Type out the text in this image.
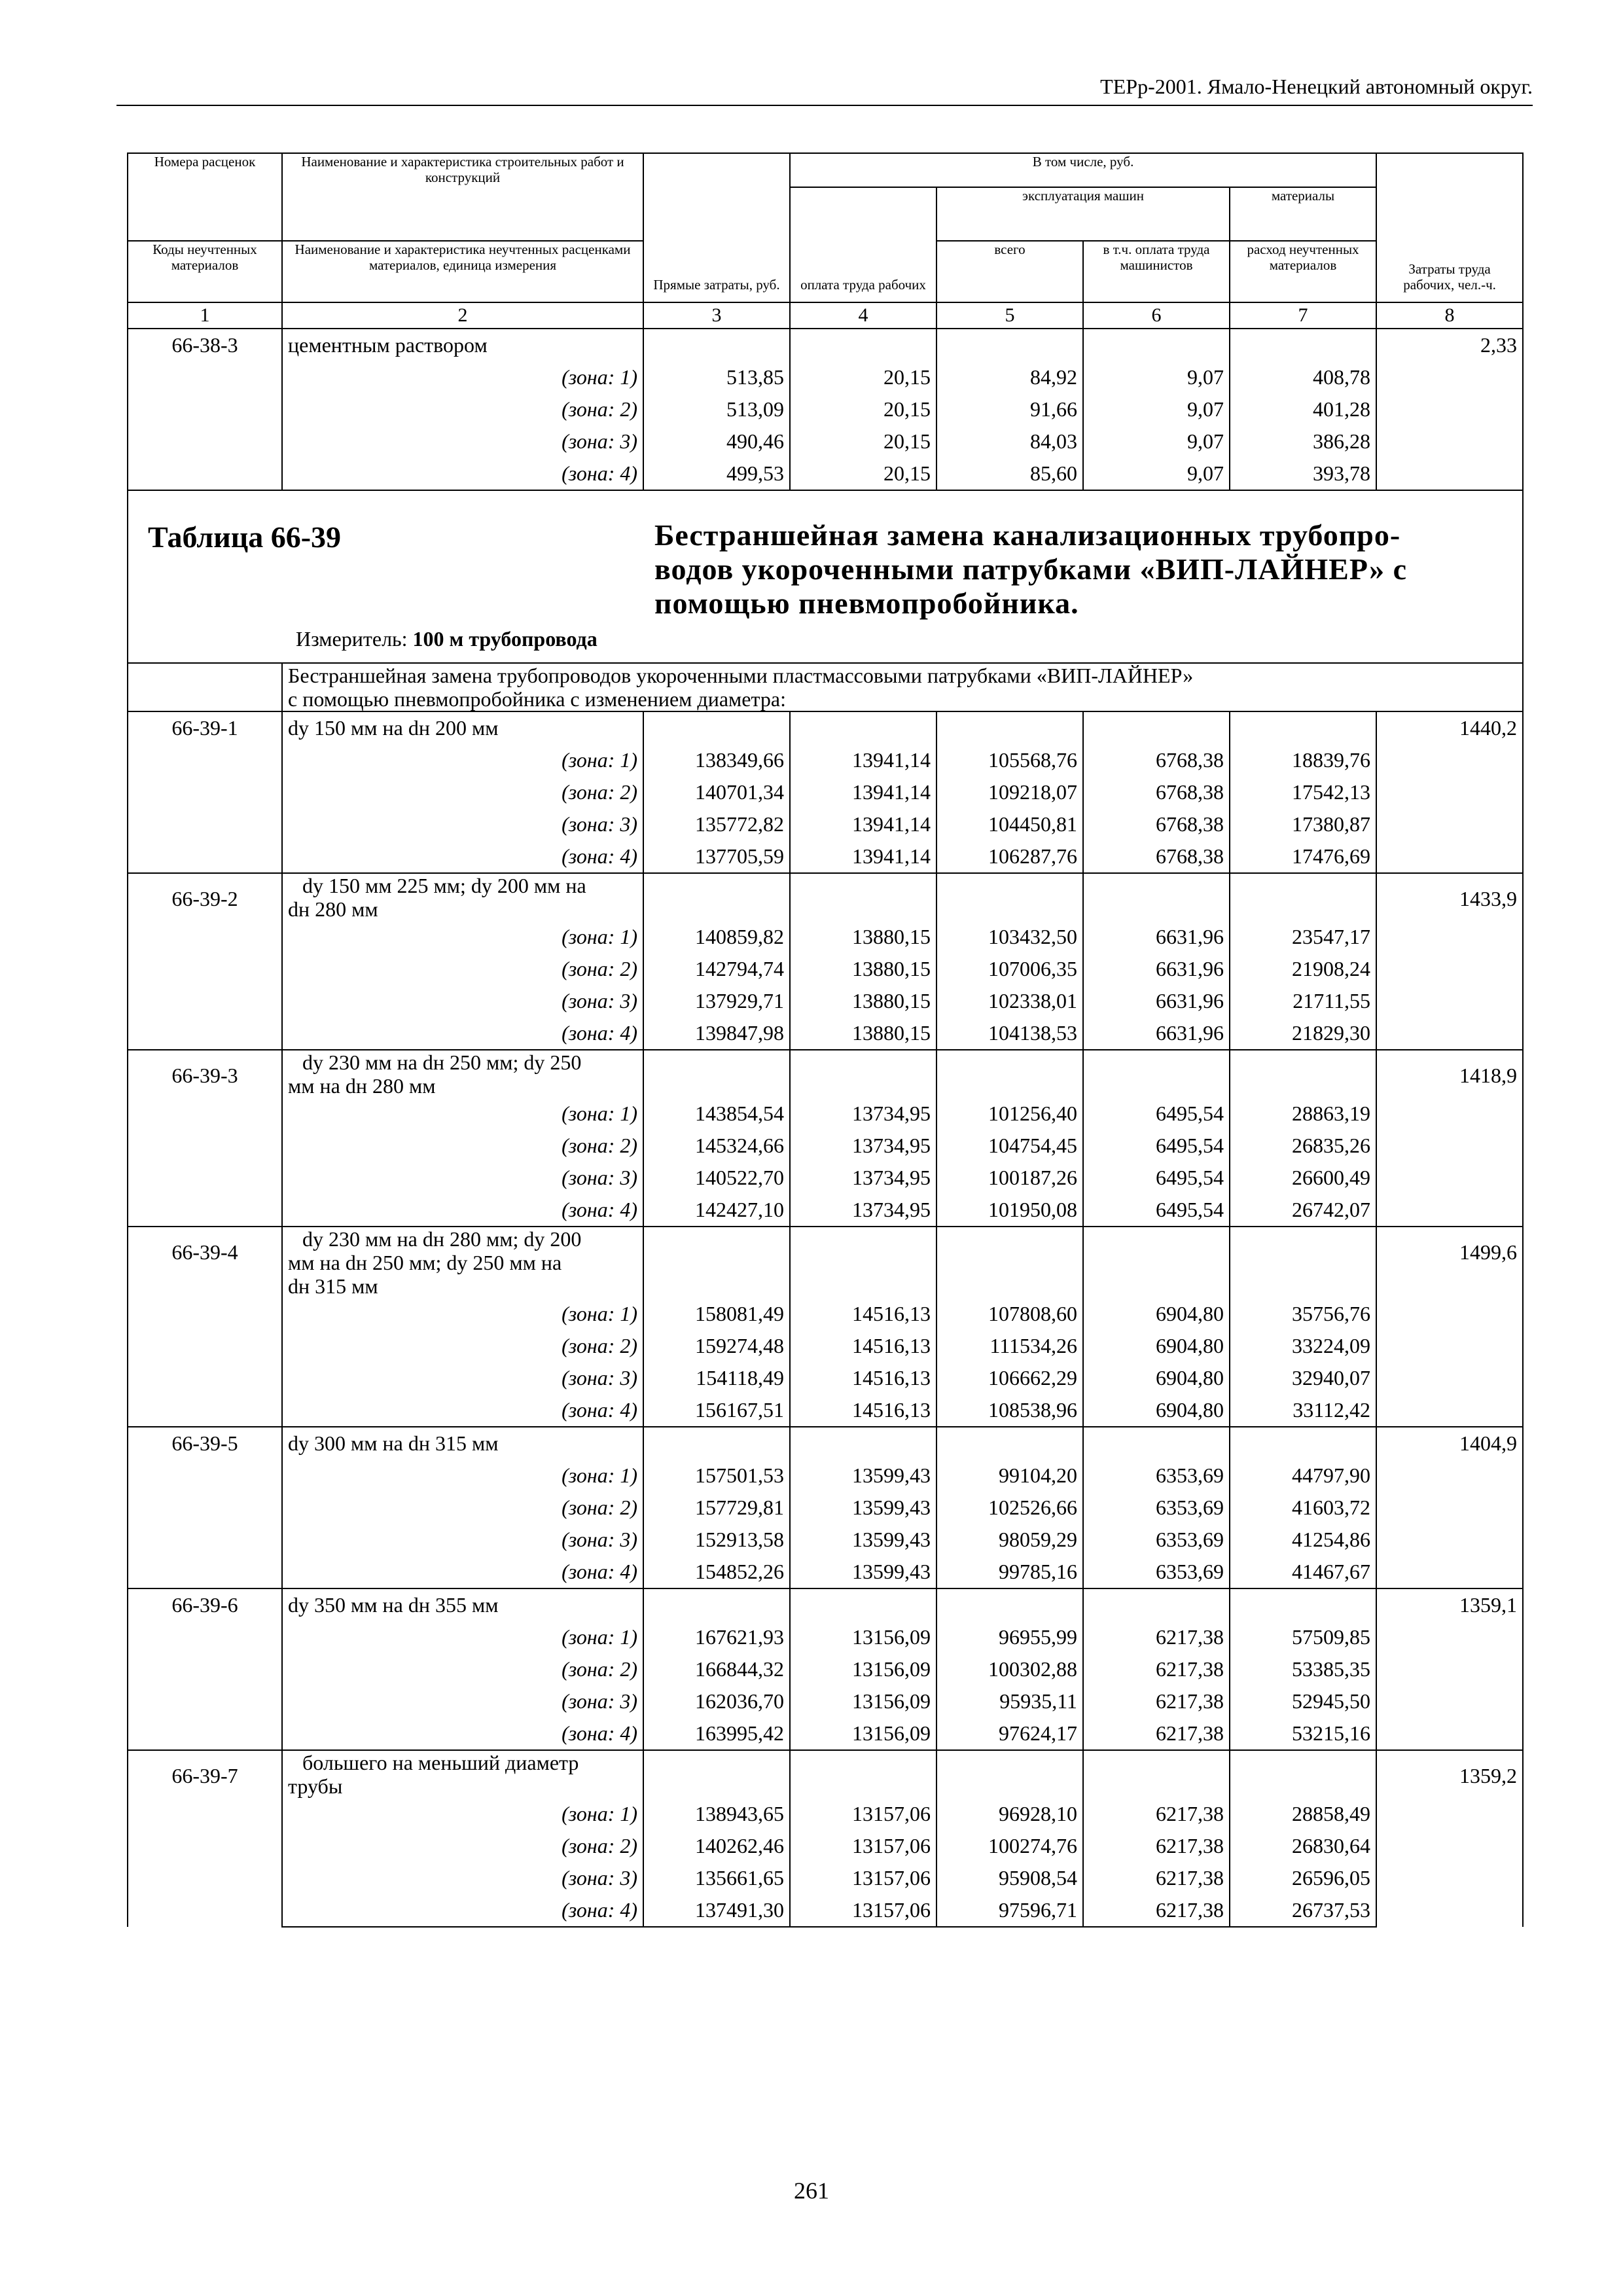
ТЕРр-2001. Ямало-Ненецкий автономный округ.
Номера расценок	Наименование и характеристика строительных работ и конструкций	Прямые затраты, руб.	В том числе, руб.				Затраты труда рабочих, чел.-ч.
			оплата труда рабочих	эксплуатация машин		материалы	
Коды неучтенных материалов	Наименование и характеристика неучтенных расценками материалов, единица измерения			всего	в т.ч. оплата труда машинистов	расход неучтенных материалов	
1	2	3	4	5	6	7	8
66-38-3	цементным раствором						2,33
	(зона: 1)	513,85	20,15	84,92	9,07	408,78	
	(зона: 2)	513,09	20,15	91,66	9,07	401,28	
	(зона: 3)	490,46	20,15	84,03	9,07	386,28	
	(зона: 4)	499,53	20,15	85,60	9,07	393,78	

Таблица 66-39 Бестраншейная замена канализационных трубопро-
водов укороченными патрубками «ВИП-ЛАЙНЕР» с
помощью пневмопробойника.
Измеритель: 100 м трубопровода							

	Бестраншейная замена трубопроводов укороченными пластмассовыми патрубками «ВИП-ЛАЙНЕР»
с помощью пневмопробойника с изменением диаметра:						

66-39-1	dy 150 мм на dн 200 мм						1440,2
	(зона: 1)	138349,66	13941,14	105568,76	6768,38	18839,76	
	(зона: 2)	140701,34	13941,14	109218,07	6768,38	17542,13	
	(зона: 3)	135772,82	13941,14	104450,81	6768,38	17380,87	
	(зона: 4)	137705,59	13941,14	106287,76	6768,38	17476,69	
66-39-2	dy 150 мм 225 мм; dy 200 мм на						1433,9
	dн 280 мм						
	(зона: 1)	140859,82	13880,15	103432,50	6631,96	23547,17	
	(зона: 2)	142794,74	13880,15	107006,35	6631,96	21908,24	
	(зона: 3)	137929,71	13880,15	102338,01	6631,96	21711,55	
	(зона: 4)	139847,98	13880,15	104138,53	6631,96	21829,30	
66-39-3	dy 230 мм на dн 250 мм; dy 250						1418,9
	мм на dн 280 мм						
	(зона: 1)	143854,54	13734,95	101256,40	6495,54	28863,19	
	(зона: 2)	145324,66	13734,95	104754,45	6495,54	26835,26	
	(зона: 3)	140522,70	13734,95	100187,26	6495,54	26600,49	
	(зона: 4)	142427,10	13734,95	101950,08	6495,54	26742,07	
66-39-4	dy 230 мм на dн 280 мм; dy 200						1499,6
	мм на dн 250 мм; dy 250 мм на						
	dн 315 мм						
	(зона: 1)	158081,49	14516,13	107808,60	6904,80	35756,76	
	(зона: 2)	159274,48	14516,13	111534,26	6904,80	33224,09	
	(зона: 3)	154118,49	14516,13	106662,29	6904,80	32940,07	
	(зона: 4)	156167,51	14516,13	108538,96	6904,80	33112,42	
66-39-5	dy 300 мм на dн 315 мм						1404,9
	(зона: 1)	157501,53	13599,43	99104,20	6353,69	44797,90	
	(зона: 2)	157729,81	13599,43	102526,66	6353,69	41603,72	
	(зона: 3)	152913,58	13599,43	98059,29	6353,69	41254,86	
	(зона: 4)	154852,26	13599,43	99785,16	6353,69	41467,67	
66-39-6	dy 350 мм на dн 355 мм						1359,1
	(зона: 1)	167621,93	13156,09	96955,99	6217,38	57509,85	
	(зона: 2)	166844,32	13156,09	100302,88	6217,38	53385,35	
	(зона: 3)	162036,70	13156,09	95935,11	6217,38	52945,50	
	(зона: 4)	163995,42	13156,09	97624,17	6217,38	53215,16	
66-39-7	большего на меньший диаметр						1359,2
	трубы						
	(зона: 1)	138943,65	13157,06	96928,10	6217,38	28858,49	
	(зона: 2)	140262,46	13157,06	100274,76	6217,38	26830,64	
	(зона: 3)	135661,65	13157,06	95908,54	6217,38	26596,05	
	(зона: 4)	137491,30	13157,06	97596,71	6217,38	26737,53	
261
